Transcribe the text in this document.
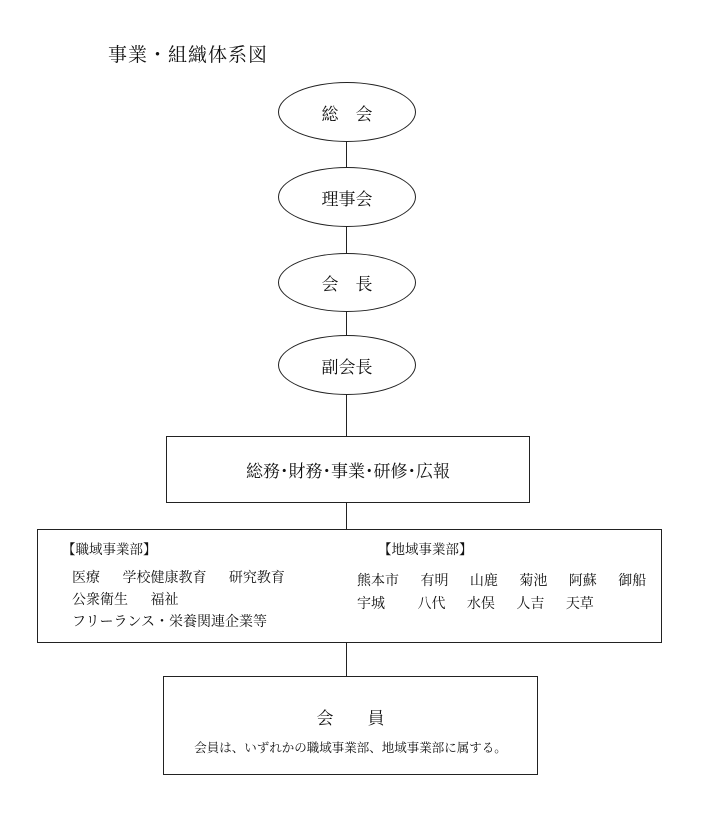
事業・組織体系図
総　会
理事会
会　長
副会長
総務･財務･事業･研修･広報
【職域事業部】
医療 学校健康教育 研究教育
公衆衛生 福祉
フリーランス・栄養関連企業等
【地域事業部】
熊本市 有明 山鹿 菊池 阿蘇 御船
宇城 八代 水俣 人吉 天草
会　　員
会員は、いずれかの職域事業部、地域事業部に属する。
